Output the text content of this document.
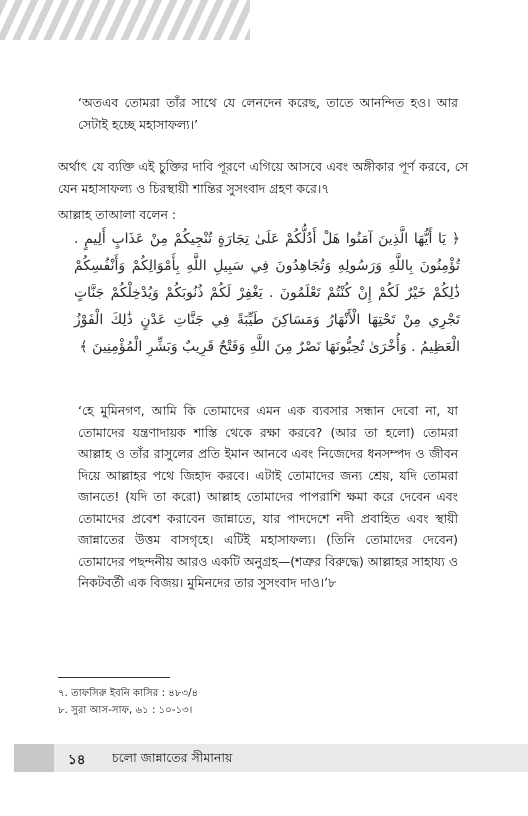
‘অতএব তোমরা তাঁর সাথে যে লেনদেন করেছ, তাতে আনন্দিত হও। আর সেটাই হচ্ছে মহাসাফল্য।’

অর্থাৎ যে ব্যক্তি এই চুক্তির দাবি পূরণে এগিয়ে আসবে এবং অঙ্গীকার পূর্ণ করবে, সে যেন মহাসাফল্য ও চিরস্থায়ী শান্তির সুসংবাদ গ্রহণ করে।৭

আল্লাহ তাআলা বলেন :

﴿ يَا أَيُّهَا الَّذِينَ آمَنُوا هَلْ أَدُلُّكُمْ عَلَىٰ تِجَارَةٍ تُنْجِيكُمْ مِنْ عَذَابٍ أَلِيمٍ . تُؤْمِنُونَ بِاللَّهِ وَرَسُولِهِ وَتُجَاهِدُونَ فِي سَبِيلِ اللَّهِ بِأَمْوَالِكُمْ وَأَنْفُسِكُمْ ذَٰلِكُمْ خَيْرٌ لَكُمْ إِنْ كُنْتُمْ تَعْلَمُونَ . يَغْفِرْ لَكُمْ ذُنُوبَكُمْ وَيُدْخِلْكُمْ جَنَّاتٍ تَجْرِي مِنْ تَحْتِهَا الْأَنْهَارُ وَمَسَاكِنَ طَيِّبَةً فِي جَنَّاتِ عَدْنٍ ذَٰلِكَ الْفَوْزُ الْعَظِيمُ . وَأُخْرَىٰ تُحِبُّونَهَا نَصْرٌ مِنَ اللَّهِ وَفَتْحٌ قَرِيبٌ وَبَشِّرِ الْمُؤْمِنِينَ ﴾

‘হে মুমিনগণ, আমি কি তোমাদের এমন এক ব্যবসার সন্ধান দেবো না, যা তোমাদের যন্ত্রণাদায়ক শাস্তি থেকে রক্ষা করবে? (আর তা হলো) তোমরা আল্লাহ ও তাঁর রাসুলের প্রতি ইমান আনবে এবং নিজেদের ধনসম্পদ ও জীবন দিয়ে আল্লাহর পথে জিহাদ করবে। এটাই তোমাদের জন্য শ্রেয়, যদি তোমরা জানতে! (যদি তা করো) আল্লাহ তোমাদের পাপরাশি ক্ষমা করে দেবেন এবং তোমাদের প্রবেশ করাবেন জান্নাতে, যার পাদদেশে নদী প্রবাহিত এবং স্থায়ী জান্নাতের উত্তম বাসগৃহে। এটিই মহাসাফল্য। (তিনি তোমাদের দেবেন) তোমাদের পছন্দনীয় আরও একটি অনুগ্রহ—(শত্রুর বিরুদ্ধে) আল্লাহর সাহায্য ও নিকটবর্তী এক বিজয়। মুমিনদের তার সুসংবাদ দাও।’৮

৭. তাফসিরু ইবনি কাসির : ৪৮৩/৪

৮. সুরা আস-সাফ, ৬১ : ১০-১৩।

১৪ চলো জান্নাতের সীমানায়
